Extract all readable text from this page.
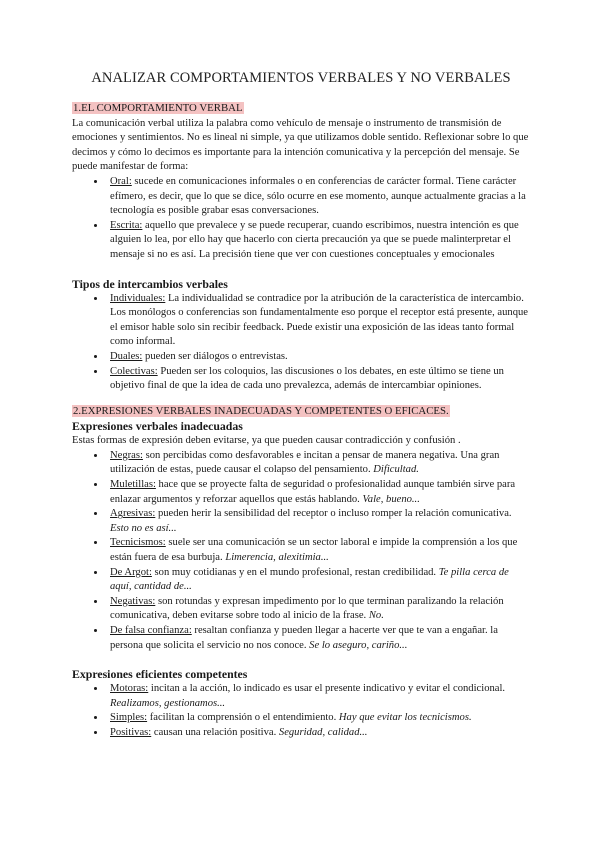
ANALIZAR COMPORTAMIENTOS VERBALES Y NO VERBALES
1.EL COMPORTAMIENTO VERBAL

La comunicación verbal utiliza la palabra como vehículo de mensaje o instrumento de transmisión de emociones y sentimientos. No es lineal ni simple, ya que utilizamos doble sentido. Reflexionar sobre lo que decimos y cómo lo decimos es importante para la intención comunicativa y la percepción del mensaje. Se puede manifestar de forma:

• Oral: sucede en comunicaciones informales o en conferencias de carácter formal. Tiene carácter efímero, es decir, que lo que se dice, sólo ocurre en ese momento, aunque actualmente gracias a la tecnología es posible grabar esas conversaciones.
• Escrita: aquello que prevalece y se puede recuperar, cuando escribimos, nuestra intención es que alguien lo lea, por ello hay que hacerlo con cierta precaución ya que se puede malinterpretar el mensaje si no es así. La precisión tiene que ver con cuestiones conceptuales y emocionales
Tipos de intercambios verbales
• Individuales: La individualidad se contradice por la atribución de la característica de intercambio. Los monólogos o conferencias son fundamentalmente eso porque el receptor está presente, aunque el emisor hable solo sin recibir feedback. Puede existir una exposición de las ideas tanto formal como informal.
• Duales: pueden ser diálogos o entrevistas.
• Colectivas: Pueden ser los coloquios, las discusiones o los debates, en este último se tiene un objetivo final de que la idea de cada uno prevalezca, además de intercambiar opiniones.
2.EXPRESIONES VERBALES INADECUADAS Y COMPETENTES O EFICACES.
Expresiones verbales inadecuadas

Estas formas de expresión deben evitarse, ya que pueden causar contradicción y confusión .

• Negras: son percibidas como desfavorables e incitan a pensar de manera negativa. Una gran utilización de estas, puede causar el colapso del pensamiento. Dificultad.
• Muletillas: hace que se proyecte falta de seguridad o profesionalidad aunque también sirve para enlazar argumentos y reforzar aquellos que estás hablando. Vale, bueno...
• Agresivas: pueden herir la sensibilidad del receptor o incluso romper la relación comunicativa. Esto no es así...
• Tecnicismos: suele ser una comunicación se un sector laboral e impide la comprensión a los que están fuera de esa burbuja. Limerencia, alexitimia...
• De Argot: son muy cotidianas y en el mundo profesional, restan credibilidad. Te pilla cerca de aquí, cantidad de...
• Negativas: son rotundas y expresan impedimento por lo que terminan paralizando la relación comunicativa, deben evitarse sobre todo al inicio de la frase. No.
• De falsa confianza: resaltan confianza y pueden llegar a hacerte ver que te van a engañar. la persona que solicita el servicio no nos conoce. Se lo aseguro, cariño...
Expresiones eficientes competentes
• Motoras: incitan a la acción, lo indicado es usar el presente indicativo y evitar el condicional. Realizamos, gestionamos...
• Simples: facilitan la comprensión o el entendimiento. Hay que evitar los tecnicismos.
• Positivas: causan una relación positiva. Seguridad, calidad...
